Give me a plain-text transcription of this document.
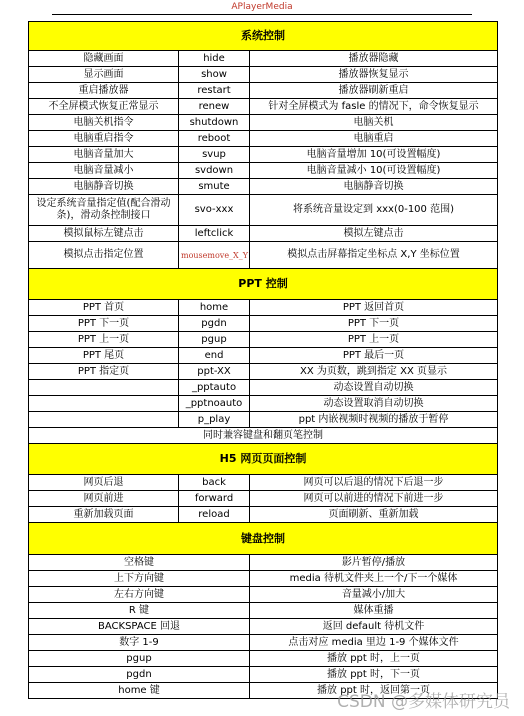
APlayerMedia
系统控制		
隐藏画面	hide	播放器隐藏
显示画面	show	播放器恢复显示
重启播放器	restart	播放器刷新重启
不全屏模式恢复正常显示	renew	针对全屏模式为 fasle 的情况下，命令恢复显示
电脑关机指令	shutdown	电脑关机
电脑重启指令	reboot	电脑重启
电脑音量加大	svup	电脑音量增加 10(可设置幅度)
电脑音量减小	svdown	电脑音量减小 10(可设置幅度)
电脑静音切换	smute	电脑静音切换
设定系统音量指定值(配合滑动条)，滑动条控制接口	svo-xxx	将系统音量设定到 xxx(0-100 范围)
模拟鼠标左键点击	leftclick	模拟左键点击
模拟点击指定位置	mousemove_X_Y	模拟点击屏幕指定坐标点 X,Y 坐标位置
PPT 控制		
PPT 首页	home	PPT 返回首页
PPT 下一页	pgdn	PPT 下一页
PPT 上一页	pgup	PPT 上一页
PPT 尾页	end	PPT 最后一页
PPT 指定页	ppt-XX	XX 为页数，跳到指定 XX 页显示
	_pptauto	动态设置自动切换
	_pptnoauto	动态设置取消自动切换
	p_play	ppt 内嵌视频时视频的播放于暂停
同时兼容键盘和翻页笔控制		
H5 网页页面控制		
网页后退	back	网页可以后退的情况下后退一步
网页前进	forward	网页可以前进的情况下前进一步
重新加载页面	reload	页面刷新、重新加载
键盘控制		
空格键		影片暂停/播放
上下方向键		media 待机文件夹上一个/下一个媒体
左右方向键		音量减小/加大
R 键		媒体重播
BACKSPACE 回退		返回 default 待机文件
数字 1-9		点击对应 media 里边 1-9 个媒体文件
pgup		播放 ppt 时，上一页
pgdn		播放 ppt 时，下一页
home 键		播放 ppt 时，返回第一页
CSDN @多媒体研究员
